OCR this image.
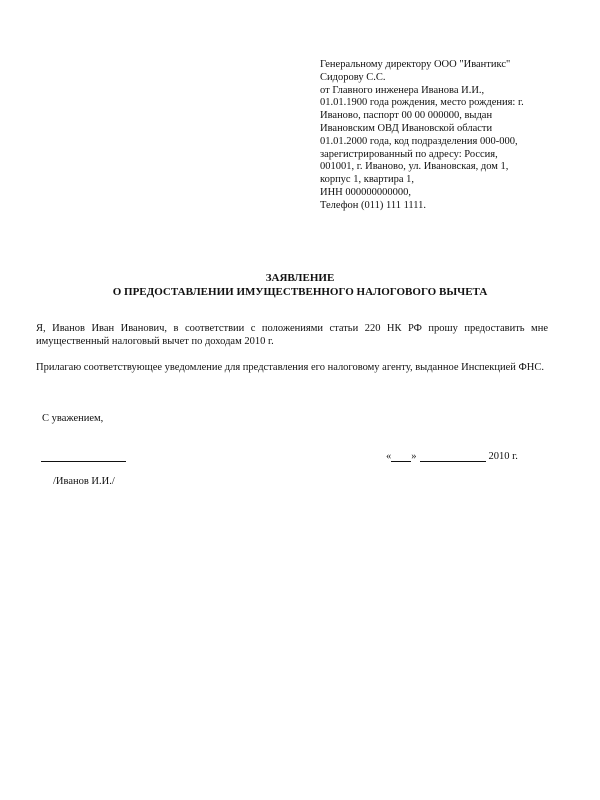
Генеральному директору ООО "Ивантикс"
Сидорову С.С.
от Главного инженера Иванова И.И.,
01.01.1900 года рождения, место рождения: г.
Иваново, паспорт 00 00 000000, выдан
Ивановским ОВД Ивановской области
01.01.2000 года, код подразделения 000-000,
зарегистрированный по адресу: Россия,
001001, г. Иваново, ул. Ивановская, дом 1,
корпус 1, квартира 1,
ИНН 000000000000,
Телефон (011) 111 1111.
ЗАЯВЛЕНИЕ
О ПРЕДОСТАВЛЕНИИ ИМУЩЕСТВЕННОГО НАЛОГОВОГО ВЫЧЕТА
Я, Иванов Иван Иванович, в соответствии с положениями статьи 220 НК РФ прошу предоставить мне имущественный налоговый вычет по доходам 2010 г.
Прилагаю соответствующее уведомление для представления его налоговому агенту, выданное Инспекцией ФНС.
С уважением,
« »	2010 г.
/Иванов И.И./
